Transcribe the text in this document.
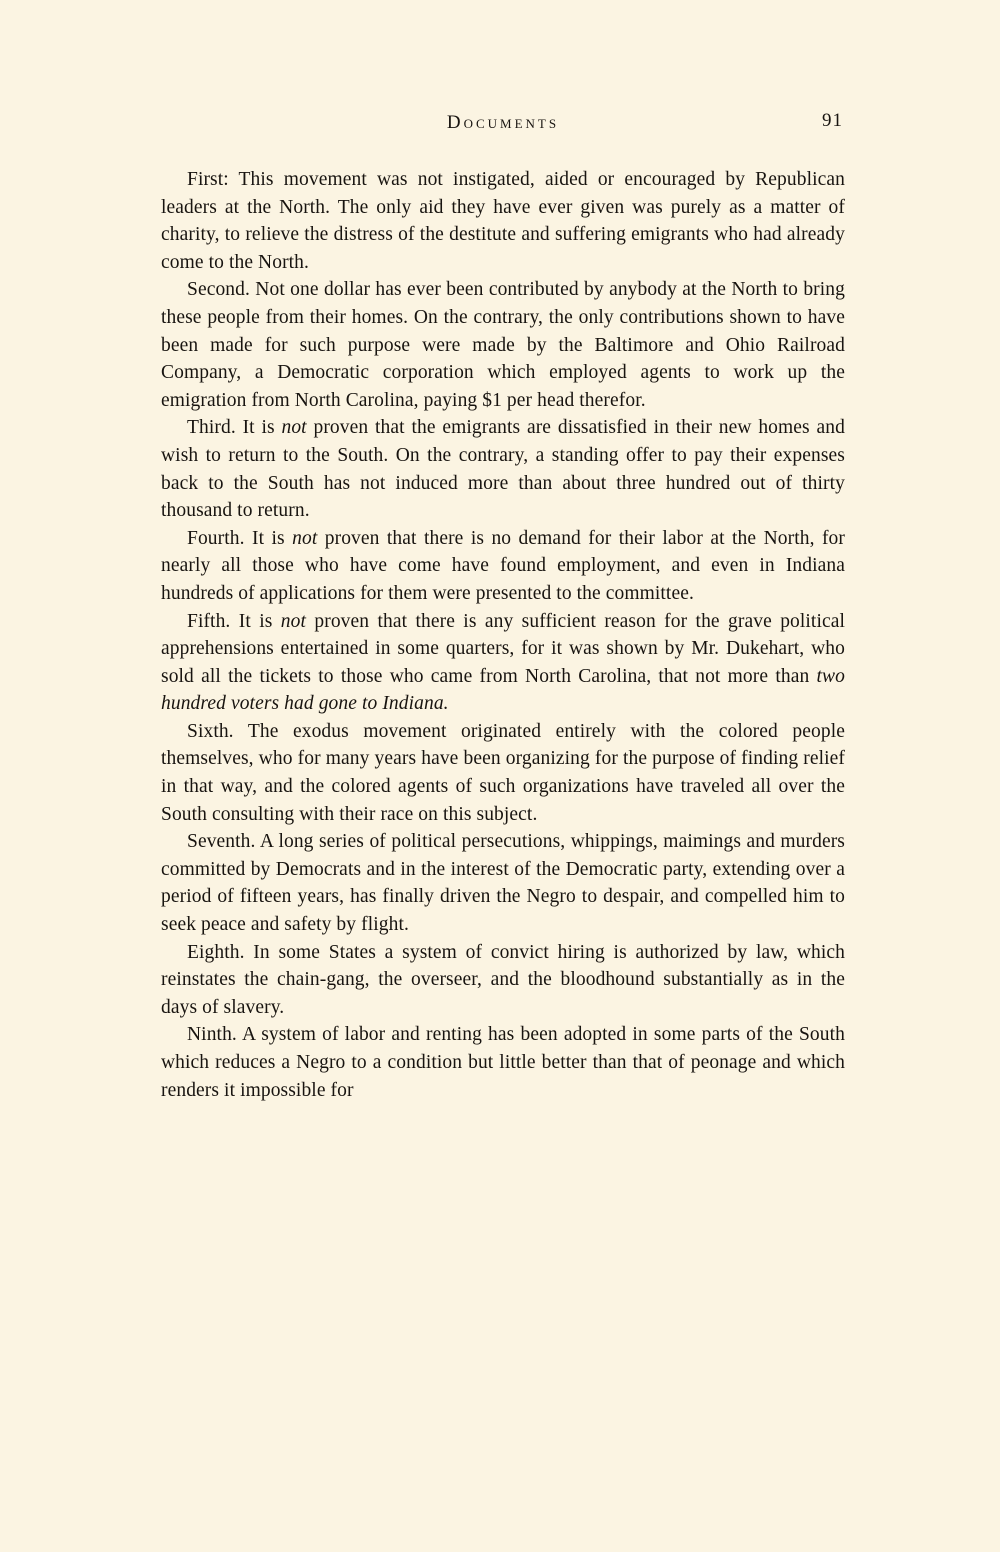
Documents	91

First: This movement was not instigated, aided or encouraged by Republican leaders at the North. The only aid they have ever given was purely as a matter of charity, to relieve the distress of the destitute and suffering emigrants who had already come to the North.

Second. Not one dollar has ever been contributed by anybody at the North to bring these people from their homes. On the contrary, the only contributions shown to have been made for such purpose were made by the Baltimore and Ohio Railroad Company, a Democratic corporation which employed agents to work up the emigration from North Carolina, paying $1 per head therefor.

Third. It is not proven that the emigrants are dissatisfied in their new homes and wish to return to the South. On the contrary, a standing offer to pay their expenses back to the South has not induced more than about three hundred out of thirty thousand to return.

Fourth. It is not proven that there is no demand for their labor at the North, for nearly all those who have come have found employment, and even in Indiana hundreds of applications for them were presented to the committee.

Fifth. It is not proven that there is any sufficient reason for the grave political apprehensions entertained in some quarters, for it was shown by Mr. Dukehart, who sold all the tickets to those who came from North Carolina, that not more than two hundred voters had gone to Indiana.

Sixth. The exodus movement originated entirely with the colored people themselves, who for many years have been organizing for the purpose of finding relief in that way, and the colored agents of such organizations have traveled all over the South consulting with their race on this subject.

Seventh. A long series of political persecutions, whippings, maimings and murders committed by Democrats and in the interest of the Democratic party, extending over a period of fifteen years, has finally driven the Negro to despair, and compelled him to seek peace and safety by flight.

Eighth. In some States a system of convict hiring is authorized by law, which reinstates the chain-gang, the overseer, and the bloodhound substantially as in the days of slavery.

Ninth. A system of labor and renting has been adopted in some parts of the South which reduces a Negro to a condition but little better than that of peonage and which renders it impossible for
